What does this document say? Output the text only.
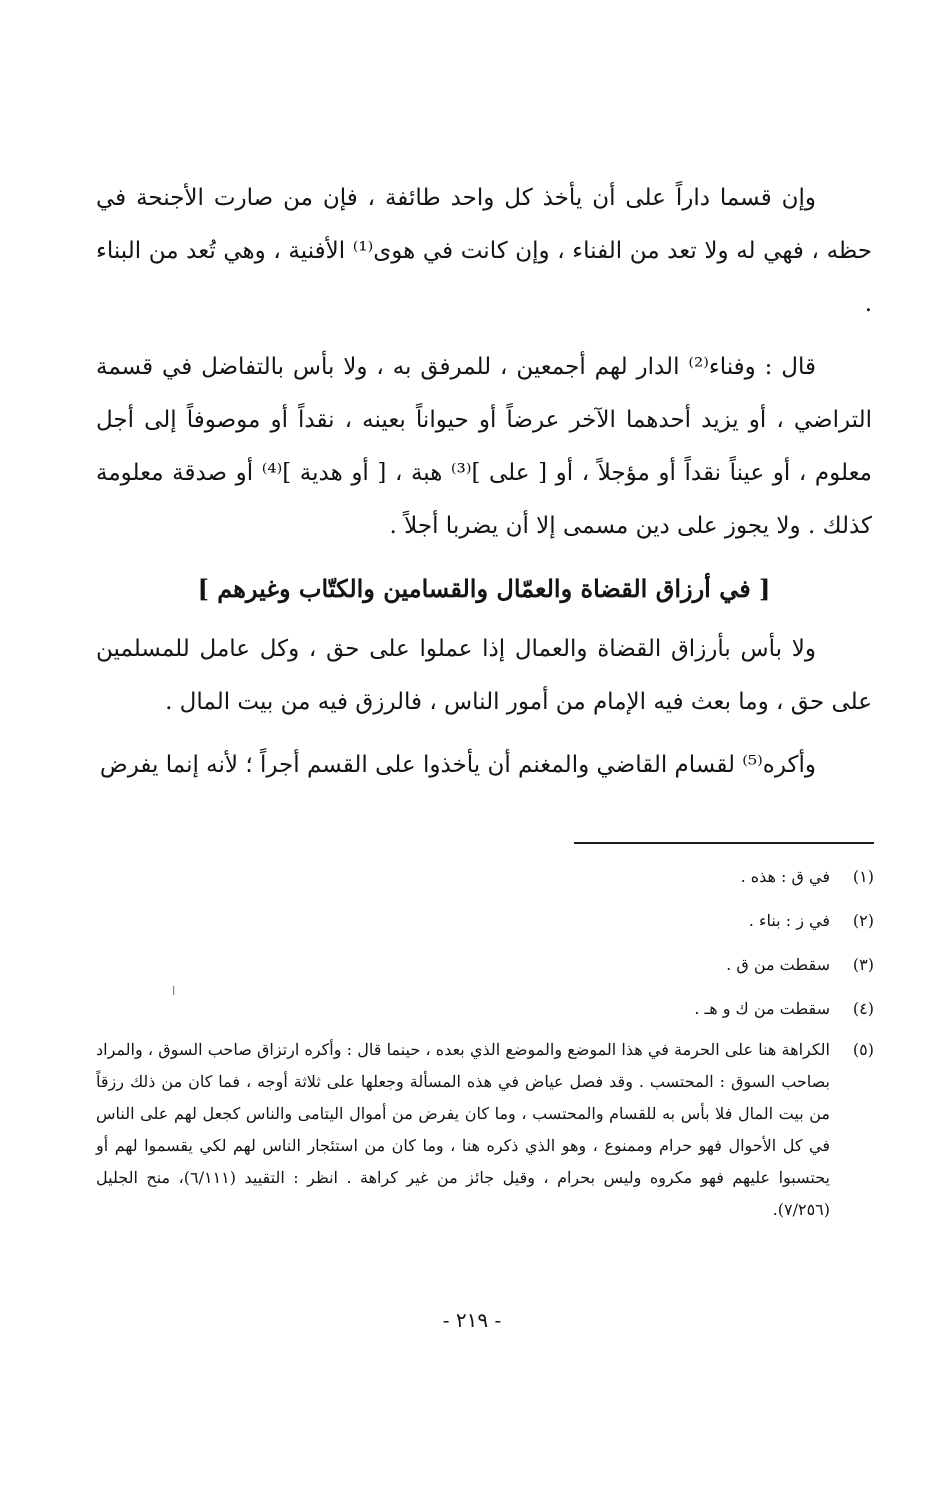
وإن قسما داراً على أن يأخذ كل واحد طائفة ، فإن من صارت الأجنحة في حظه ، فهي له ولا تعد من الفناء ، وإن كانت في هوى⁽¹⁾ الأفنية ، وهي تُعد من البناء .

قال : وفناء⁽²⁾ الدار لهم أجمعين ، للمرفق به ، ولا بأس بالتفاضل في قسمة التراضي ، أو يزيد أحدهما الآخر عرضاً أو حيواناً بعينه ، نقداً أو موصوفاً إلى أجل معلوم ، أو عيناً نقداً أو مؤجلاً ، أو [ على ]⁽³⁾ هبة ، [ أو هدية ]⁽⁴⁾ أو صدقة معلومة كذلك . ولا يجوز على دين مسمى إلا أن يضربا أجلاً .

[ في أرزاق القضاة والعمّال والقسامين والكتّاب وغيرهم ]

ولا بأس بأرزاق القضاة والعمال إذا عملوا على حق ، وكل عامل للمسلمين على حق ، وما بعث فيه الإمام من أمور الناس ، فالرزق فيه من بيت المال .

وأكره⁽⁵⁾ لقسام القاضي والمغنم أن يأخذوا على القسم أجراً ؛ لأنه إنما يفرض

ا
(١)
في ق : هذه .
(٢)
في ز : بناء .
(٣)
سقطت من ق .
(٤)
سقطت من ك و هـ .
(٥)
الكراهة هنا على الحرمة في هذا الموضع والموضع الذي بعده ، حينما قال : وأكره ارتزاق صاحب السوق ، والمراد بصاحب السوق : المحتسب . وقد فصل عياض في هذه المسألة وجعلها على ثلاثة أوجه ، فما كان من ذلك رزقاً من بيت المال فلا بأس به للقسام والمحتسب ، وما كان يفرض من أموال اليتامى والناس كجعل لهم على الناس في كل الأحوال فهو حرام وممنوع ، وهو الذي ذكره هنا ، وما كان من استئجار الناس لهم لكي يقسموا لهم أو يحتسبوا عليهم فهو مكروه وليس بحرام ، وقيل جائز من غير كراهة . انظر : التقييد (٦/١١١)، منح الجليل (٧/٢٥٦).
- ٢١٩ -
